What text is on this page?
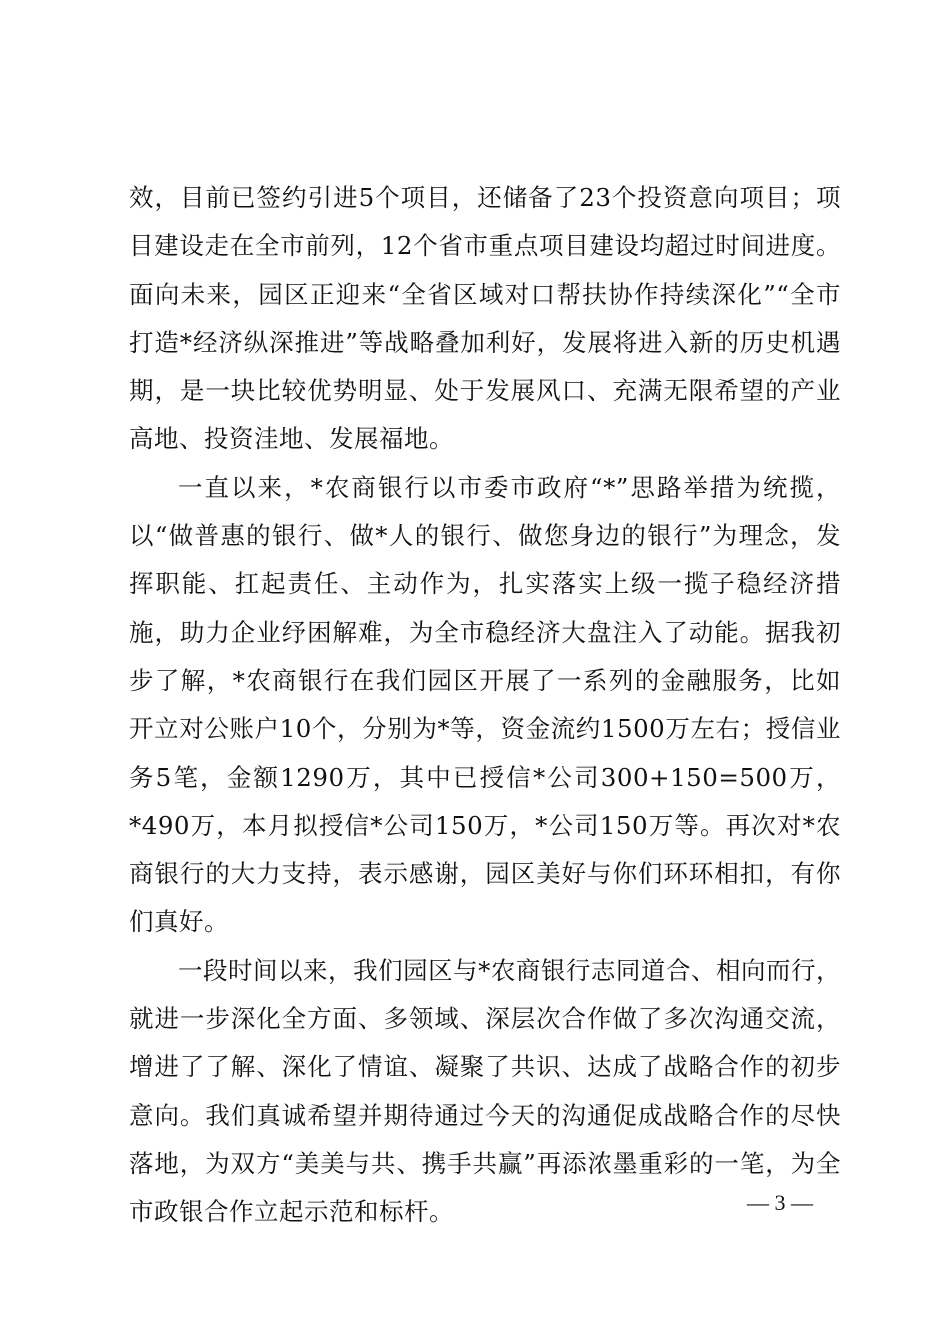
效，目前已签约引进5个项目，还储备了23个投资意向项目；项目建设走在全市前列，12个省市重点项目建设均超过时间进度。面向未来，园区正迎来“全省区域对口帮扶协作持续深化”“全市打造*经济纵深推进”等战略叠加利好，发展将进入新的历史机遇期，是一块比较优势明显、处于发展风口、充满无限希望的产业高地、投资洼地、发展福地。

一直以来，*农商银行以市委市政府“*”思路举措为统揽，以“做普惠的银行、做*人的银行、做您身边的银行”为理念，发挥职能、扛起责任、主动作为，扎实落实上级一揽子稳经济措施，助力企业纾困解难，为全市稳经济大盘注入了动能。据我初步了解，*农商银行在我们园区开展了一系列的金融服务，比如开立对公账户10个，分别为*等，资金流约1500万左右；授信业务5笔，金额1290万，其中已授信*公司300+150=500万，*490万，本月拟授信*公司150万，*公司150万等。再次对*农商银行的大力支持，表示感谢，园区美好与你们环环相扣，有你们真好。

一段时间以来，我们园区与*农商银行志同道合、相向而行，就进一步深化全方面、多领域、深层次合作做了多次沟通交流，增进了了解、深化了情谊、凝聚了共识、达成了战略合作的初步意向。我们真诚希望并期待通过今天的沟通促成战略合作的尽快落地，为双方“美美与共、携手共赢”再添浓墨重彩的一笔，为全市政银合作立起示范和标杆。	— 3 —
